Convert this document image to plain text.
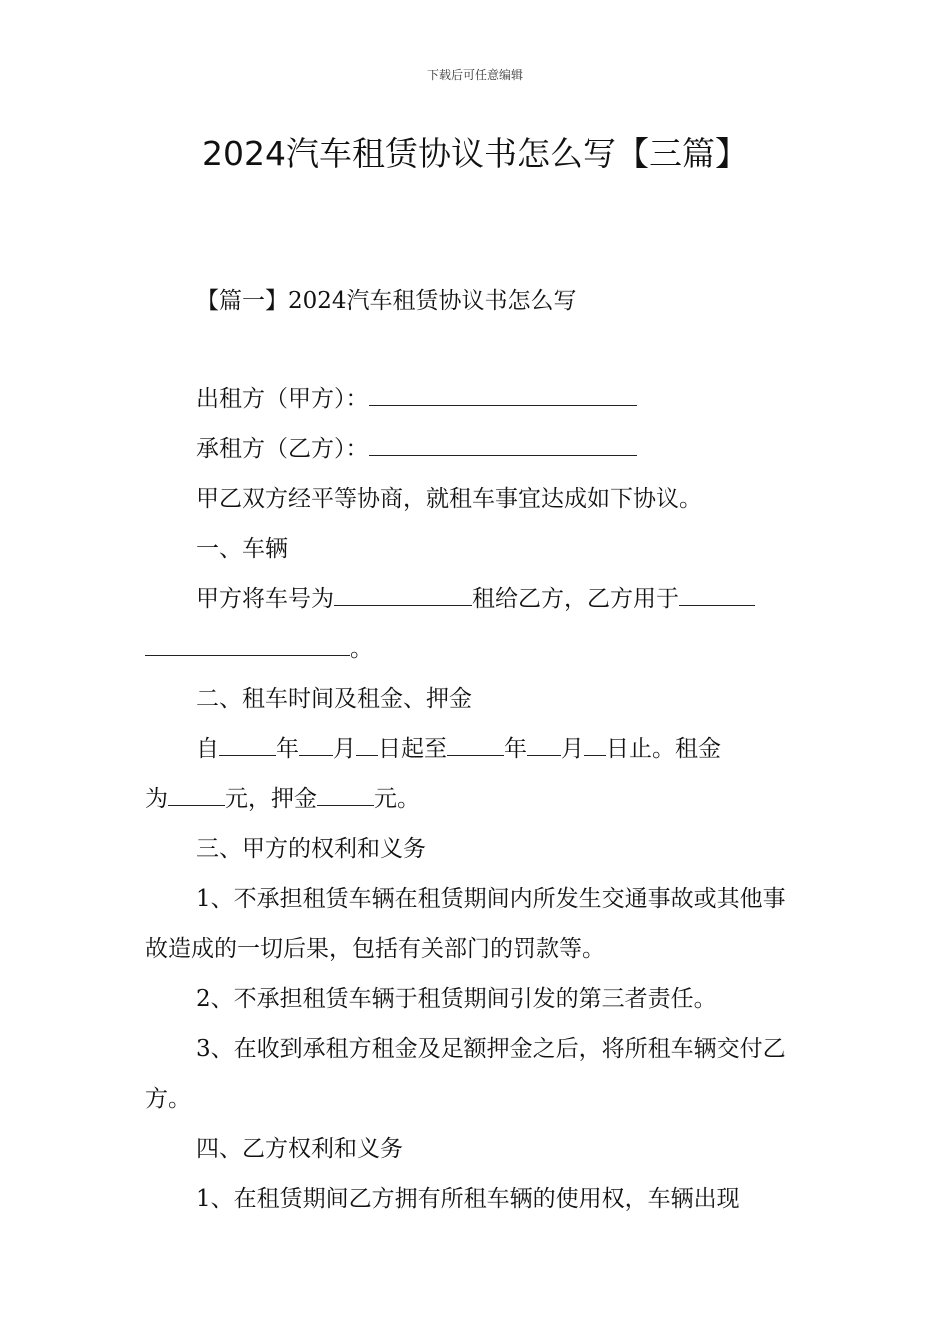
下载后可任意编辑
2024汽车租赁协议书怎么写【三篇】
【篇一】2024汽车租赁协议书怎么写

出租方（甲方）：

承租方（乙方）：

甲乙双方经平等协商，就租车事宜达成如下协议。

一、车辆

甲方将车号为	租给乙方，乙方用于

。

二、租车时间及租金、押金

自 年 月 日起至 年 月 日止。租金

为 元，押金 元。

三、甲方的权利和义务

1、不承担租赁车辆在租赁期间内所发生交通事故或其他事故造成的一切后果，包括有关部门的罚款等。

2、不承担租赁车辆于租赁期间引发的第三者责任。

3、在收到承租方租金及足额押金之后，将所租车辆交付乙方。

四、乙方权利和义务

1、在租赁期间乙方拥有所租车辆的使用权，车辆出现
